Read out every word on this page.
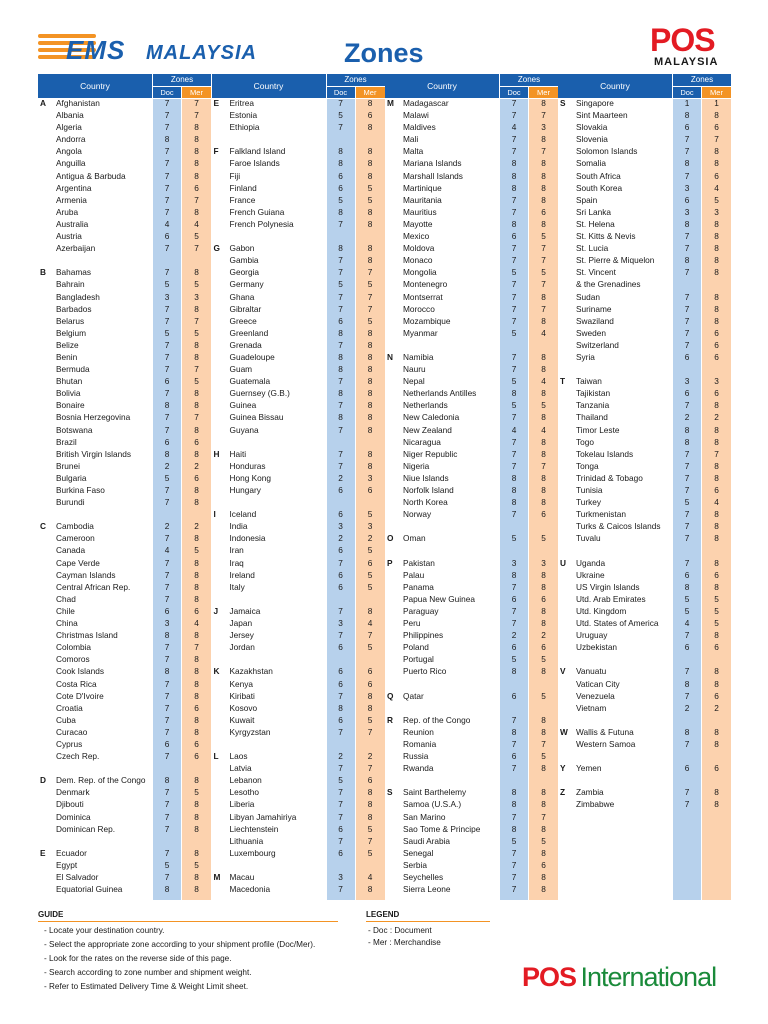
EMS MALAYSIA	Zones	POS
MALAYSIA
Country
Zones
Doc	Mer
A Afghanistan	7	7
Albania	7	7
Algeria	7	8
Andorra	8	8
Angola	7	8
Anguilla	7	8
Antigua & Barbuda	7	8
Argentina	7	6
Armenia	7	7
Aruba	7	8
Australia	4	4
Austria	6	5
Azerbaijan	7	7
B Bahamas	7	8
Bahrain	5	5
Bangladesh	3	3
Barbados	7	8
Belarus	7	7
Belgium	5	5
Belize	7	8
Benin	7	8
Bermuda	7	7
Bhutan	6	5
Bolivia	7	8
Bonaire	8	8
Bosnia Herzegovina	7	7
Botswana	7	8
Brazil	6	6
British Virgin Islands	8	8
Brunei	2	2
Bulgaria	5	6
Burkina Faso	7	8
Burundi	7	8
C Cambodia	2	2
Cameroon	7	8
Canada	4	5
Cape Verde	7	8
Cayman Islands	7	8
Central African Rep.	7	8
Chad	7	8
Chile	6	6
China	3	4
Christmas Island	8	8
Colombia	7	7
Comoros	7	8
Cook Islands	8	8
Costa Rica	7	8
Cote D'Ivoire	7	8
Croatia	7	6
Cuba	7	8
Curacao	7	8
Cyprus	6	6
Czech Rep.	7	6
D Dem. Rep. of the Congo	8	8
Denmark	7	5
Djibouti	7	8
Dominica	7	8
Dominican Rep.	7	8
E Ecuador	7	8
Egypt	5	5
El Salvador	7	8
Equatorial Guinea	8	8
Country
Zones
Doc	Mer
E Eritrea	7	8
Estonia	5	6
Ethiopia	7	8
F Falkland Island	8	8
Faroe Islands	8	8
Fiji	6	8
Finland	6	5
France	5	5
French Guiana	8	8
French Polynesia	7	8
G Gabon	8	8
Gambia	7	8
Georgia	7	7
Germany	5	5
Ghana	7	7
Gibraltar	7	7
Greece	6	5
Greenland	8	8
Grenada	7	8
Guadeloupe	8	8
Guam	8	8
Guatemala	7	8
Guernsey (G.B.)	8	8
Guinea	7	8
Guinea Bissau	8	8
Guyana	7	8
H Haiti	7	8
Honduras	7	8
Hong Kong	2	3
Hungary	6	6
I Iceland	6	5
India	3	3
Indonesia	2	2
Iran	6	5
Iraq	7	6
Ireland	6	5
Italy	6	5
J Jamaica	7	8
Japan	3	4
Jersey	7	7
Jordan	6	5
K Kazakhstan	6	6
Kenya	6	6
Kiribati	7	8
Kosovo	8	8
Kuwait	6	5
Kyrgyzstan	7	7
L Laos	2	2
Latvia	7	7
Lebanon	5	6
Lesotho	7	8
Liberia	7	8
Libyan Jamahiriya	7	8
Liechtenstein	6	5
Lithuania	7	7
Luxembourg	6	5
M Macau	3	4
Macedonia	7	8
Country
Zones
Doc	Mer
M Madagascar	7	8
Malawi	7	7
Maldives	4	3
Mali	7	8
Malta	7	7
Mariana Islands	8	8
Marshall Islands	8	8
Martinique	8	8
Mauritania	7	8
Mauritius	7	6
Mayotte	8	8
Mexico	6	5
Moldova	7	7
Monaco	7	7
Mongolia	5	5
Montenegro	7	7
Montserrat	7	8
Morocco	7	7
Mozambique	7	8
Myanmar	5	4
N Namibia	7	8
Nauru	7	8
Nepal	5	4
Netherlands Antilles	8	8
Netherlands	5	5
New Caledonia	7	8
New Zealand	4	4
Nicaragua	7	8
Niger Republic	7	8
Nigeria	7	7
Niue Islands	8	8
Norfolk Island	8	8
North Korea	8	8
Norway	7	6
O Oman	5	5
P Pakistan	3	3
Palau	8	8
Panama	7	8
Papua New Guinea	6	6
Paraguay	7	8
Peru	7	8
Philippines	2	2
Poland	6	6
Portugal	5	5
Puerto Rico	8	8
Q Qatar	6	5
R Rep. of the Congo	7	8
Reunion	8	8
Romania	7	7
Russia	6	5
Rwanda	7	8
S Saint Barthelemy	8	8
Samoa (U.S.A.)	8	8
San Marino	7	7
Sao Tome & Principe	8	8
Saudi Arabia	5	5
Senegal	7	8
Serbia	7	6
Seychelles	7	8
Sierra Leone	7	8
Country
Zones
Doc	Mer
S Singapore	1	1
Sint Maarteen	8	8
Slovakia	6	6
Slovenia	7	7
Solomon Islands	7	8
Somalia	8	8
South Africa	7	6
South Korea	3	4
Spain	6	5
Sri Lanka	3	3
St. Helena	8	8
St. Kitts & Nevis	7	8
St. Lucia	7	8
St. Pierre & Miquelon	8	8
St. Vincent	7	8
& the Grenadines
Sudan	7	8
Suriname	7	8
Swaziland	7	8
Sweden	7	6
Switzerland	7	6
Syria	6	6
T Taiwan	3	3
Tajikistan	6	6
Tanzania	7	8
Thailand	2	2
Timor Leste	8	8
Togo	8	8
Tokelau Islands	7	7
Tonga	7	8
Trinidad & Tobago	7	8
Tunisia	7	6
Turkey	5	4
Turkmenistan	7	8
Turks & Caicos Islands	7	8
Tuvalu	7	8
U Uganda	7	8
Ukraine	6	6
US Virgin Islands	8	8
Utd. Arab Emirates	5	5
Utd. Kingdom	5	5
Utd. States of America	4	5
Uruguay	7	8
Uzbekistan	6	6
V Vanuatu	7	8
Vatican City	8	8
Venezuela	7	6
Vietnam	2	2
W Wallis & Futuna	8	8
Western Samoa	7	8
Y Yemen	6	6
Z Zambia	7	8
Zimbabwe	7	8
GUIDE
- Locate your destination country.
- Select the appropriate zone according to your shipment profile (Doc/Mer).
- Look for the rates on the reverse side of this page.
- Search according to zone number and shipment weight.
- Refer to Estimated Delivery Time & Weight Limit sheet.
LEGEND
- Doc : Document
- Mer : Merchandise
POS International
